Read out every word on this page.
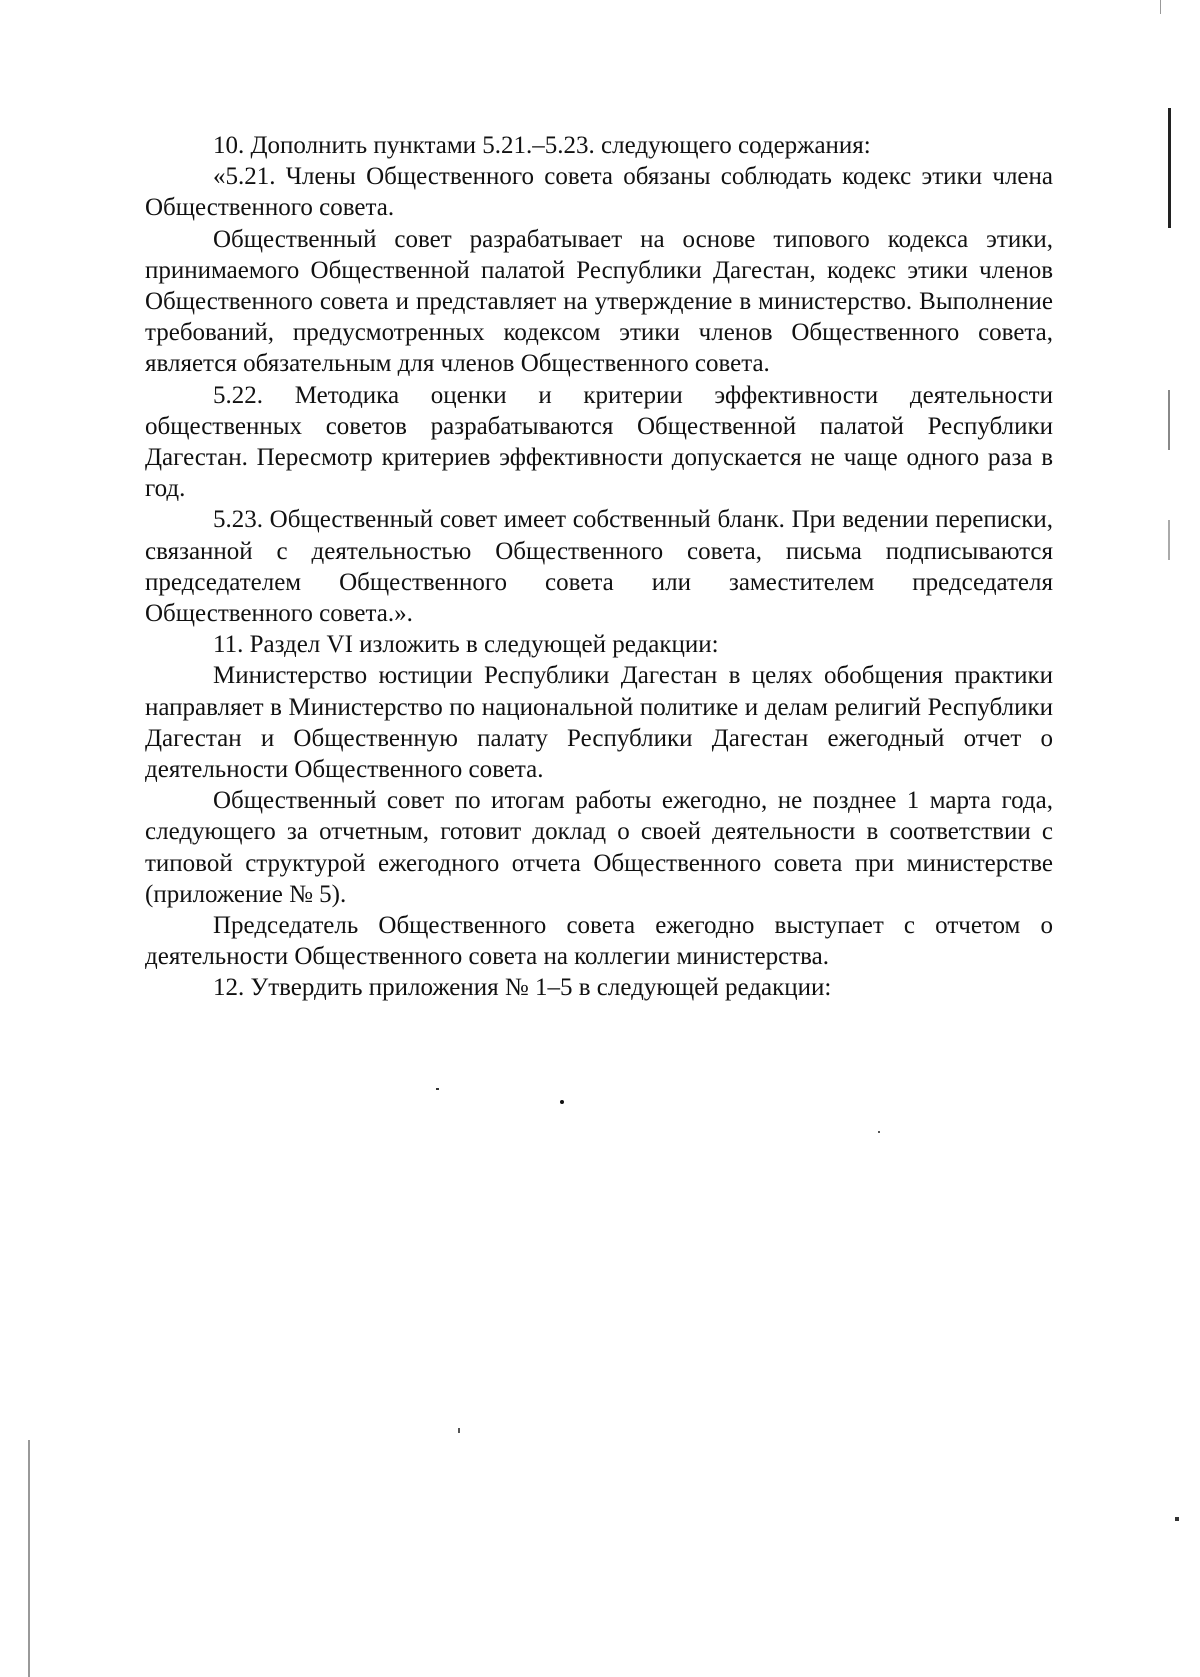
10. Дополнить пунктами 5.21.–5.23. следующего содержания:

«5.21. Члены Общественного совета обязаны соблюдать кодекс этики члена Общественного совета.

Общественный совет разрабатывает на основе типового кодекса этики, принимаемого Общественной палатой Республики Дагестан, кодекс этики членов Общественного совета и представляет на утверждение в министерство. Выполнение требований, предусмотренных кодексом этики членов Общественного совета, является обязательным для членов Общественного совета.

5.22. Методика оценки и критерии эффективности деятельности общественных советов разрабатываются Общественной палатой Республики Дагестан. Пересмотр критериев эффективности допускается не чаще одного раза в год.

5.23. Общественный совет имеет собственный бланк. При ведении переписки, связанной с деятельностью Общественного совета, письма подписываются председателем Общественного совета или заместителем председателя Общественного совета.».

11. Раздел VI изложить в следующей редакции:

Министерство юстиции Республики Дагестан в целях обобщения практики направляет в Министерство по национальной политике и делам религий Республики Дагестан и Общественную палату Республики Дагестан ежегодный отчет о деятельности Общественного совета.

Общественный совет по итогам работы ежегодно, не позднее 1 марта года, следующего за отчетным, готовит доклад о своей деятельности в соответствии с типовой структурой ежегодного отчета Общественного совета при министерстве (приложение № 5).

Председатель Общественного совета ежегодно выступает с отчетом о деятельности Общественного совета на коллегии министерства.

12. Утвердить приложения № 1–5 в следующей редакции:
